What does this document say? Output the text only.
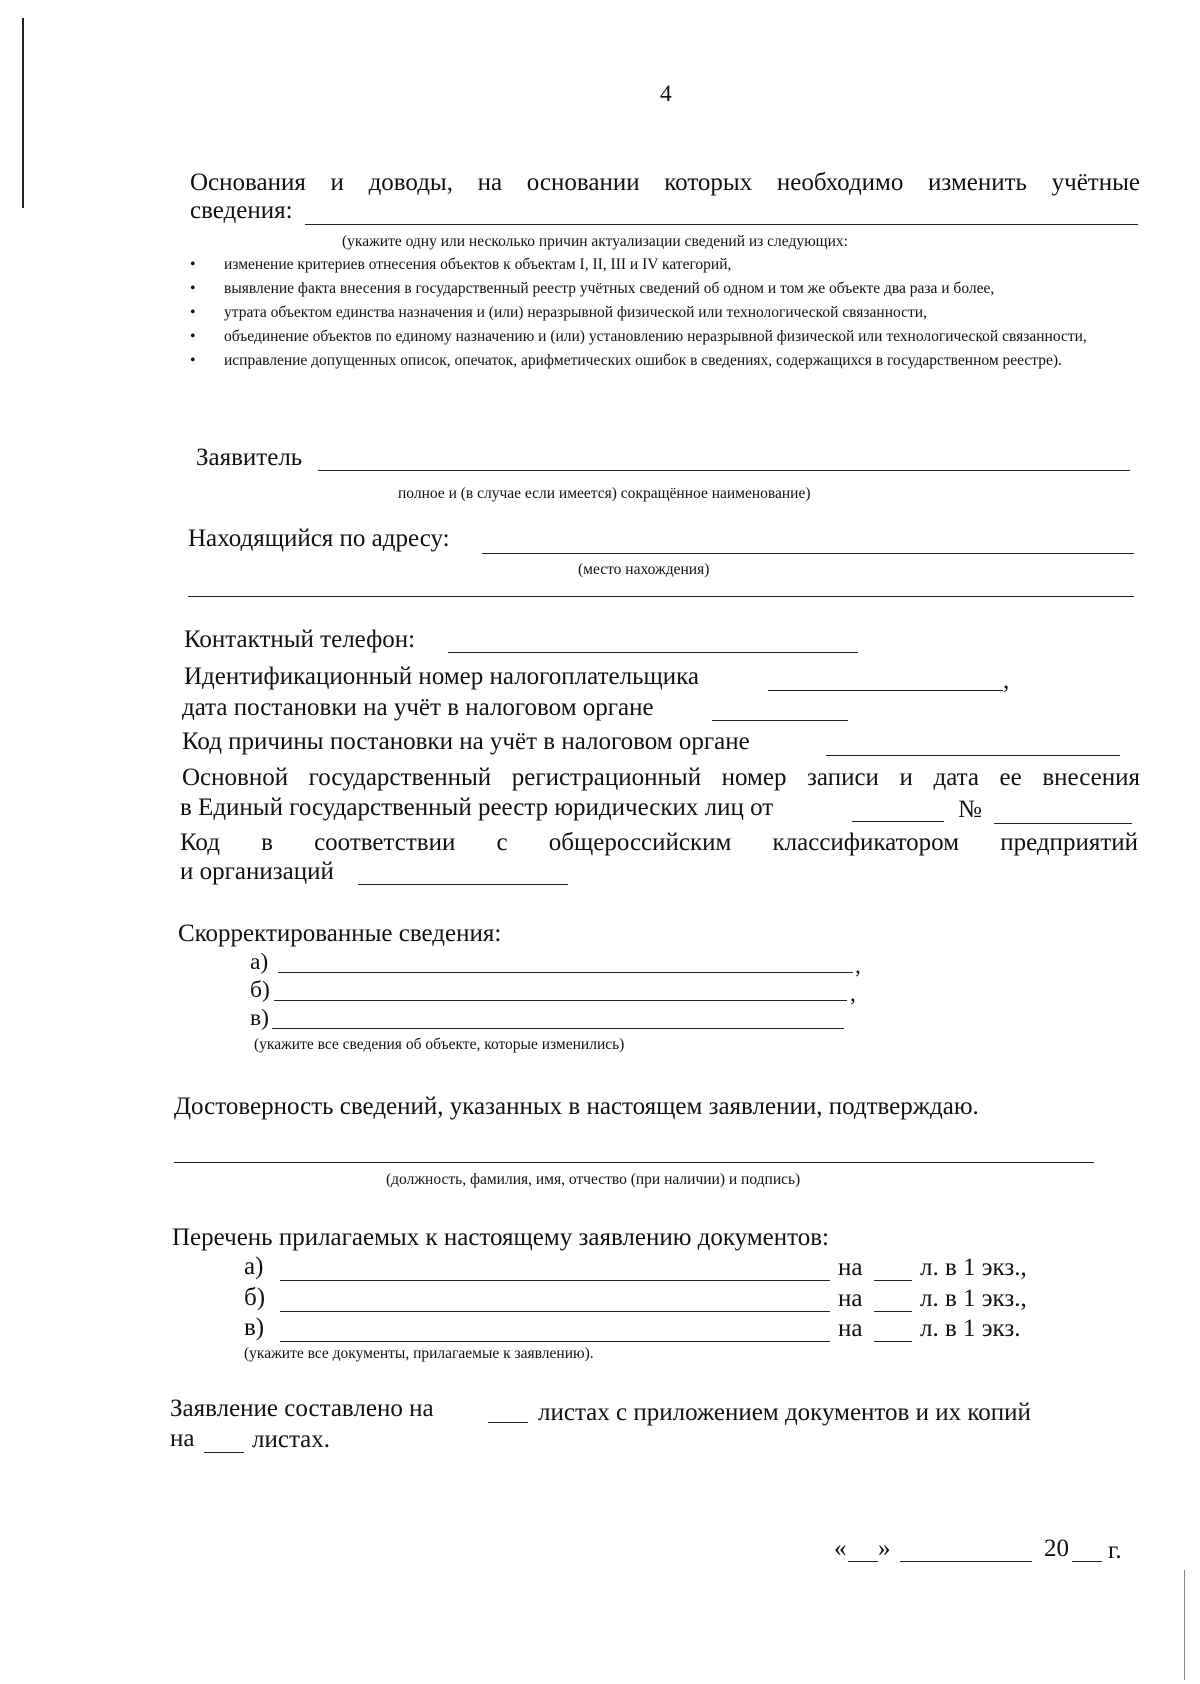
4
Основания и доводы, на основании которых необходимо изменить учётные
сведения:
(укажите одну или несколько причин актуализации сведений из следующих:
• изменение критериев отнесения объектов к объектам I, II, III и IV категорий,
• выявление факта внесения в государственный реестр учётных сведений об одном и том же объекте два раза и более,
• утрата объектом единства назначения и (или) неразрывной физической или технологической связанности,
• объединение объектов по единому назначению и (или) установлению неразрывной физической или технологической связанности,
• исправление допущенных описок, опечаток, арифметических ошибок в сведениях, содержащихся в государственном реестре).
Заявитель
полное и (в случае если имеется) сокращённое наименование)
Находящийся по адресу:
(место нахождения)
Контактный телефон:
Идентификационный номер налогоплательщика	,
дата постановки на учёт в налоговом органе
Код причины постановки на учёт в налоговом органе
Основной государственный регистрационный номер записи и дата ее внесения
в Единый государственный реестр юридических лиц от	№
Код в соответствии с общероссийским классификатором предприятий
и организаций
Скорректированные сведения:
а)	,
б)	,
в)
(укажите все сведения об объекте, которые изменились)
Достоверность сведений, указанных в настоящем заявлении, подтверждаю.
(должность, фамилия, имя, отчество (при наличии) и подпись)
Перечень прилагаемых к настоящему заявлению документов:
а)	на л. в 1 экз.,
б)	на л. в 1 экз.,
в)	на л. в 1 экз.
(укажите все документы, прилагаемые к заявлению).
Заявление составлено на	листах с приложением документов и их копий
на листах.
« »	20 г.
